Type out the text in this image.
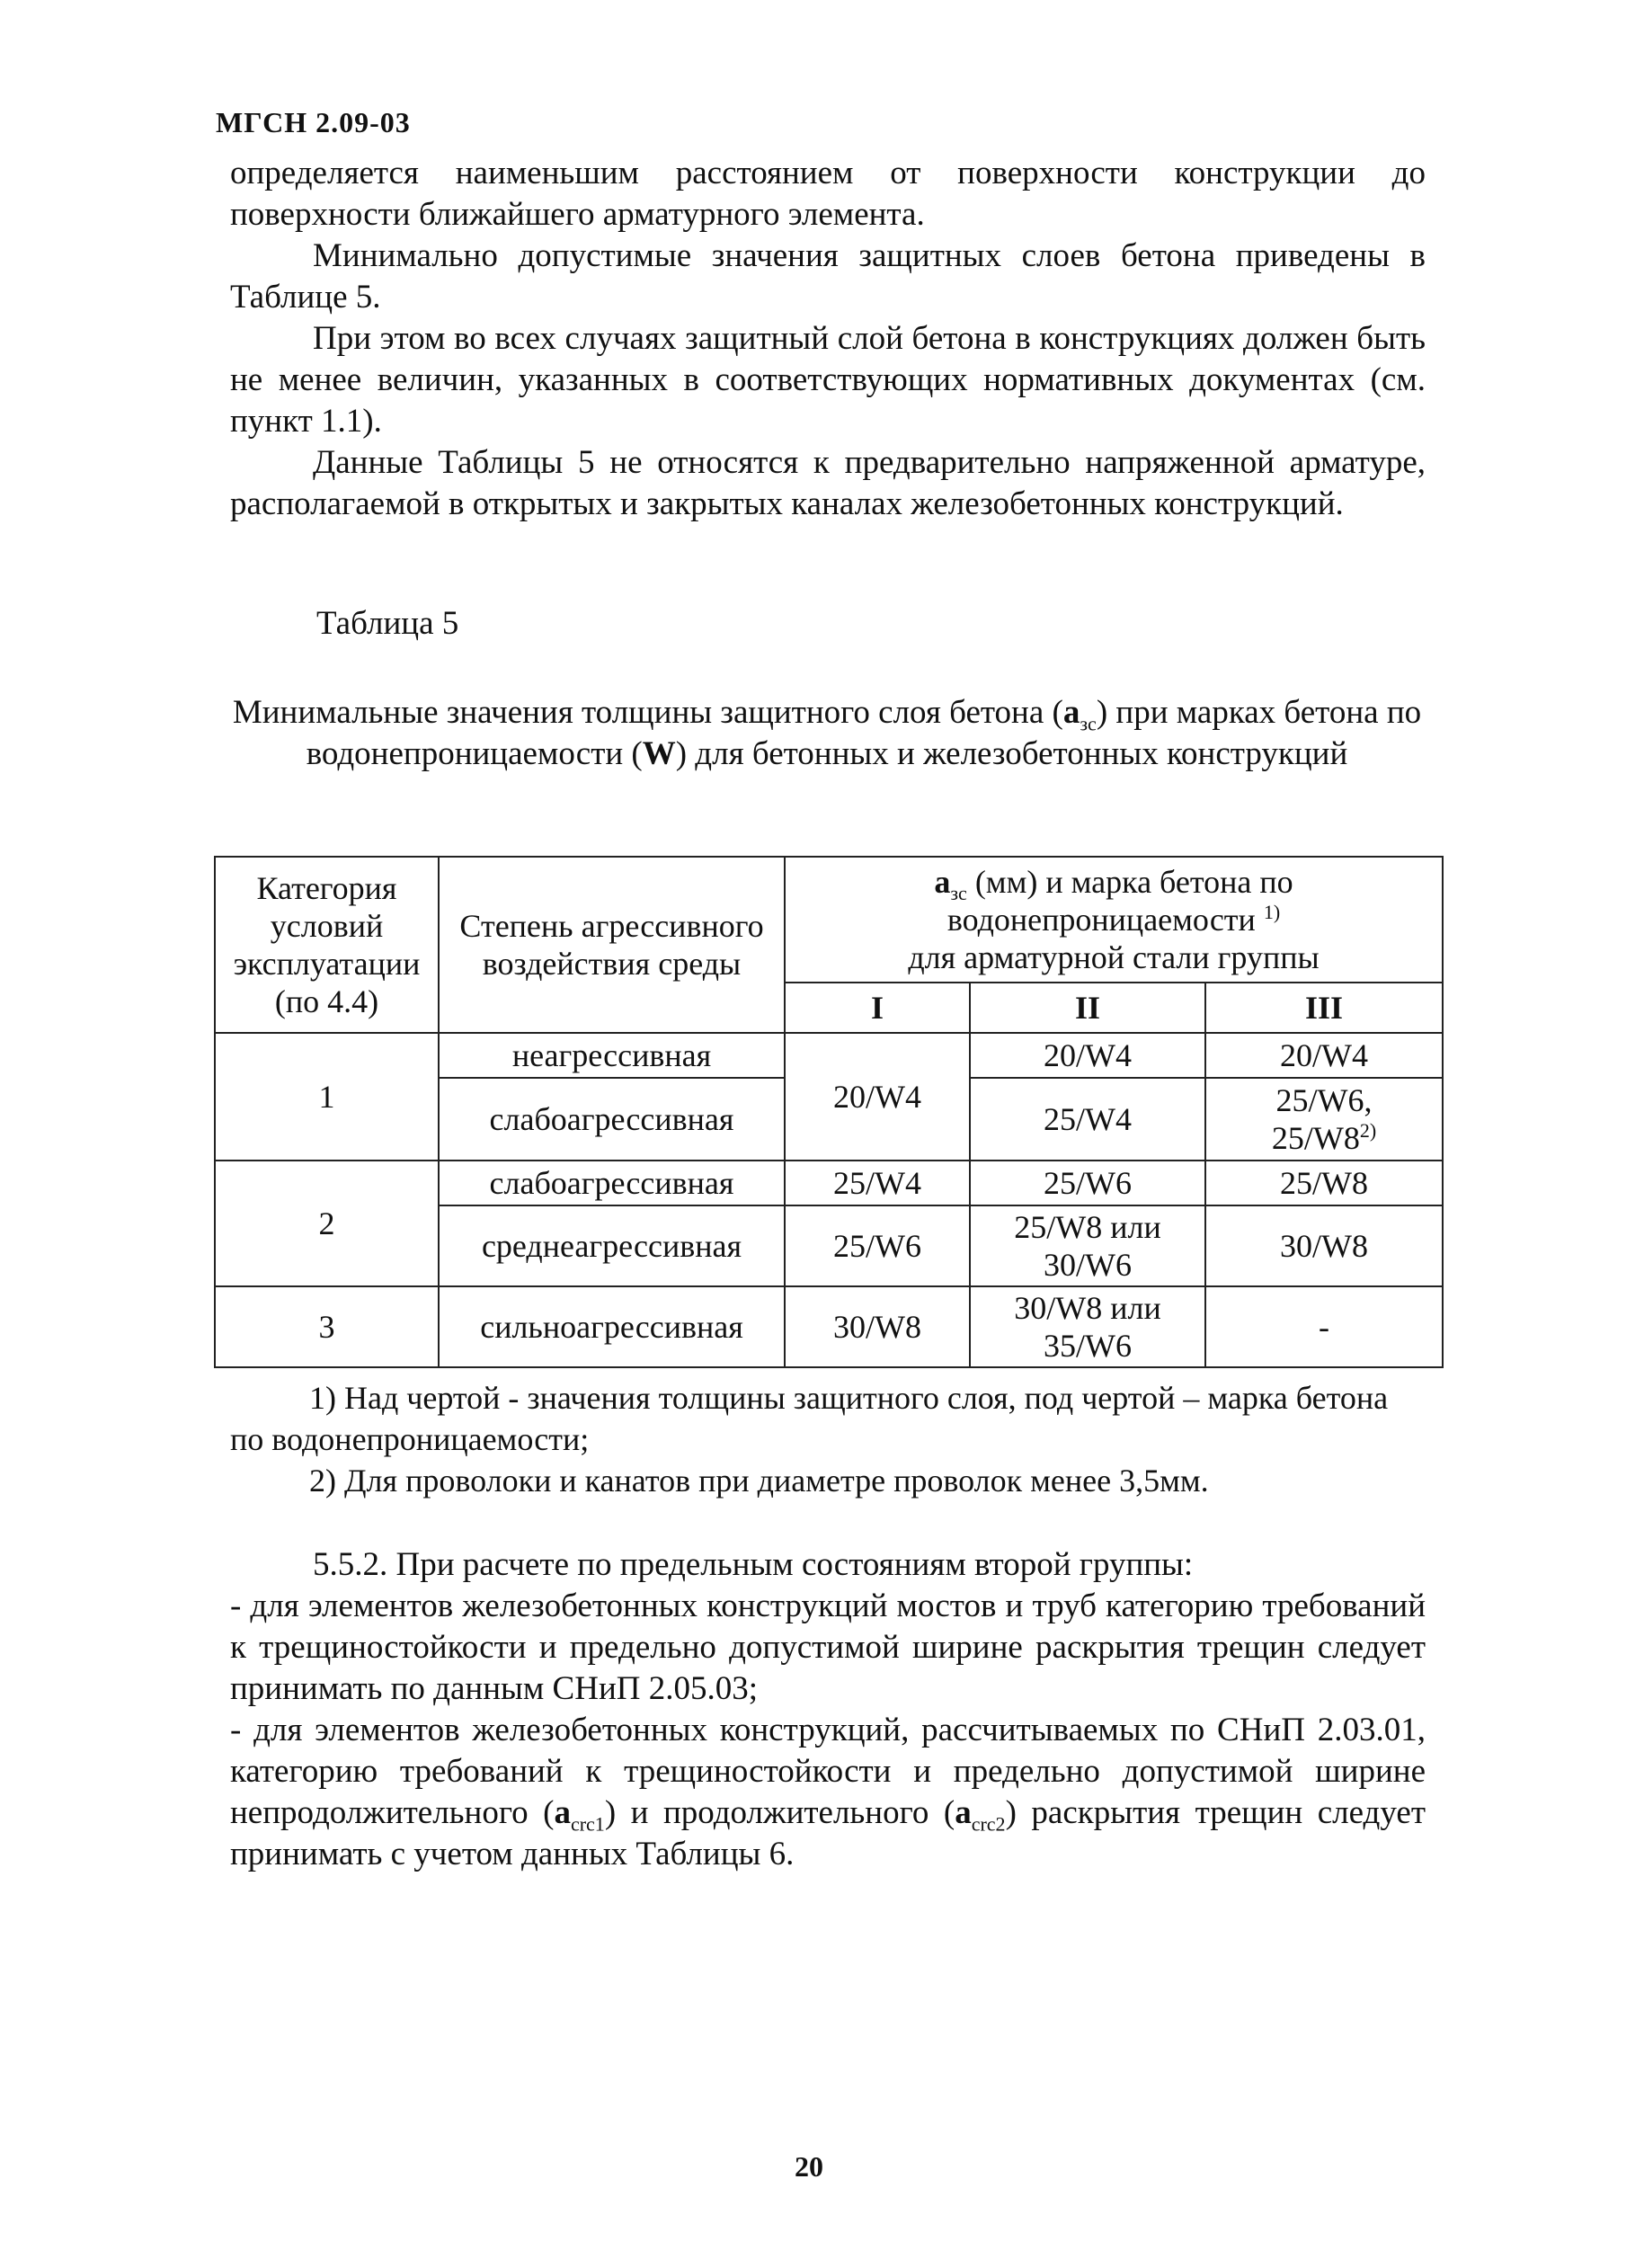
МГСН 2.09-03

определяется наименьшим расстоянием от поверхности конструкции до поверхности ближайшего арматурного элемента.

Минимально допустимые значения защитных слоев бетона приведены в Таблице 5.

При этом во всех случаях защитный слой бетона в конструкциях должен быть не менее величин, указанных в соответствующих нормативных документах (см. пункт 1.1).

Данные Таблицы 5 не относятся к предварительно напряженной арматуре, располагаемой в открытых и закрытых каналах железобетонных конструкций.

Таблица 5
Минимальные значения толщины защитного слоя бетона $(a_{зс})$ при марках бетона по водонепроницаемости (W) для бетонных и железобетонных конструкций
Категория условий эксплуатации (по 4.4)	Степень агрессивного воздействия среды	$a_{зс}$ (мм) и марка бетона по водонепроницаемости $^{1)}$
для арматурной стали группы		
		I	II	III
1	неагрессивная	20/W4	20/W4	20/W4
	слабоагрессивная		25/W4	25/W6,
25/W8$^{2)}$
2	слабоагрессивная	25/W4	25/W6	25/W8
	среднеагрессивная	25/W6	25/W8 или
30/W6	30/W8
3	сильноагрессивная	30/W8	30/W8 или
35/W6	-

1) Над чертой - значения толщины защитного слоя, под чертой – марка бетона по водонепроницаемости;

2) Для проволоки и канатов при диаметре проволок менее 3,5мм.

5.5.2. При расчете по предельным состояниям второй группы:

- для элементов железобетонных конструкций мостов и труб категорию требований к трещиностойкости и предельно допустимой ширине раскрытия трещин следует принимать по данным СНиП 2.05.03;

- для элементов железобетонных конструкций, рассчитываемых по СНиП 2.03.01, категорию требований к трещиностойкости и предельно допустимой ширине непродолжительного $(a_{crc1})$ и продолжительного $(a_{crc2})$ раскрытия трещин следует принимать с учетом данных Таблицы 6.

20
